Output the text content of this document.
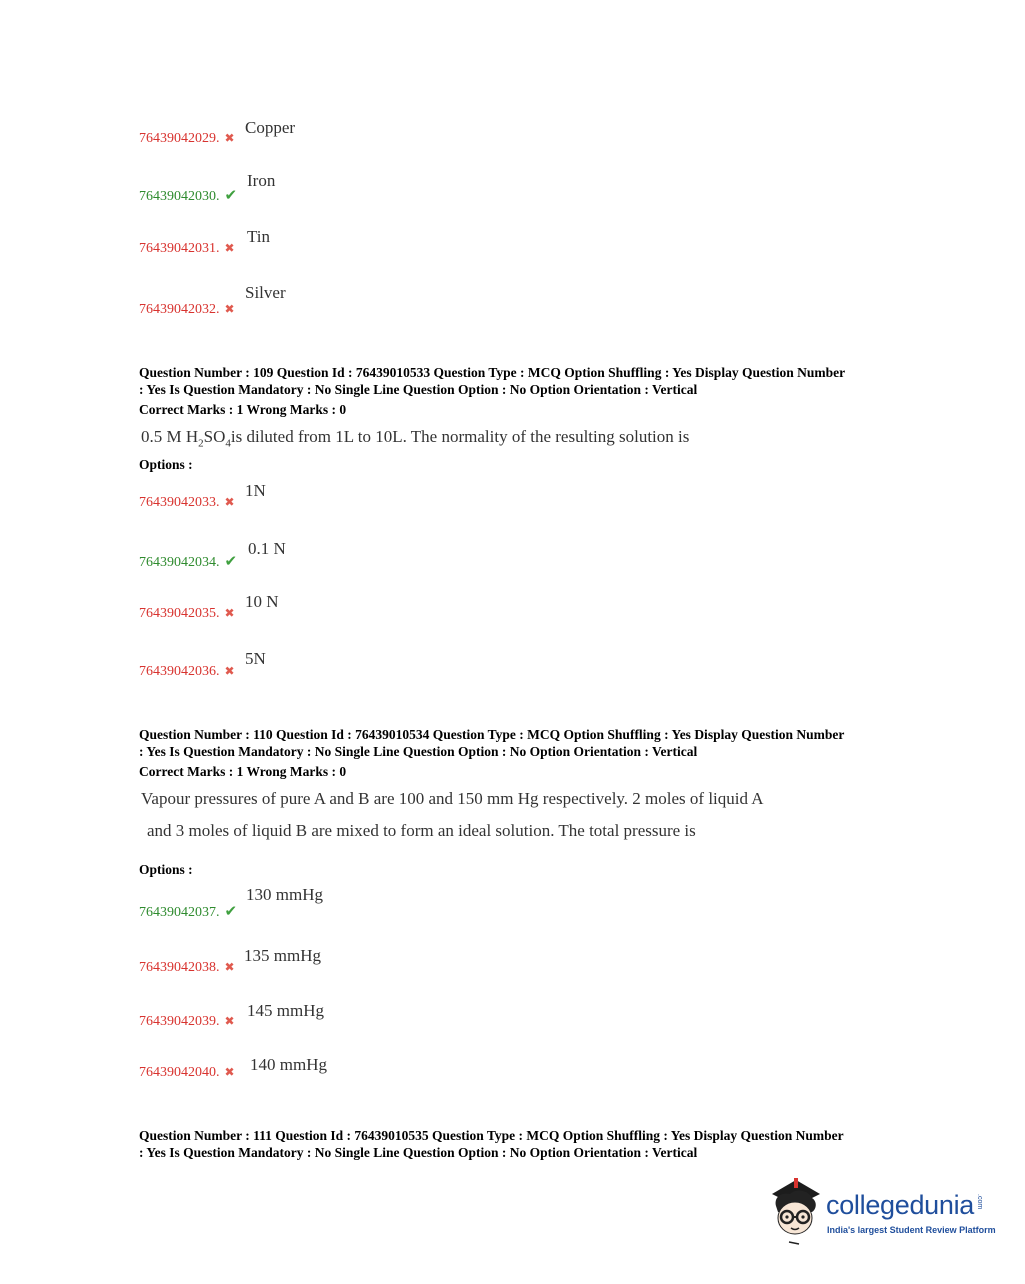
Copper
76439042029. ✖
Iron
76439042030. ✔
Tin
76439042031. ✖
Silver
76439042032. ✖
Question Number : 109 Question Id : 76439010533 Question Type : MCQ Option Shuffling : Yes Display Question Number
: Yes Is Question Mandatory : No Single Line Question Option : No Option Orientation : Vertical
Correct Marks : 1 Wrong Marks : 0
0.5 M $H_2SO_4is$ diluted from 1L to 10L. The normality of the resulting solution is
Options :
1N
76439042033. ✖
0.1 N
76439042034. ✔
10 N
76439042035. ✖
5N
76439042036. ✖
Question Number : 110 Question Id : 76439010534 Question Type : MCQ Option Shuffling : Yes Display Question Number
: Yes Is Question Mandatory : No Single Line Question Option : No Option Orientation : Vertical
Correct Marks : 1 Wrong Marks : 0
Vapour pressures of pure A and B are 100 and 150 mm Hg respectively. 2 moles of liquid A
and 3 moles of liquid B are mixed to form an ideal solution. The total pressure is
Options :
130 mmHg
76439042037. ✔
135 mmHg
76439042038. ✖
145 mmHg
76439042039. ✖
140 mmHg
76439042040. ✖
Question Number : 111 Question Id : 76439010535 Question Type : MCQ Option Shuffling : Yes Display Question Number
: Yes Is Question Mandatory : No Single Line Question Option : No Option Orientation : Vertical
collegedunia .com
India's largest Student Review Platform
